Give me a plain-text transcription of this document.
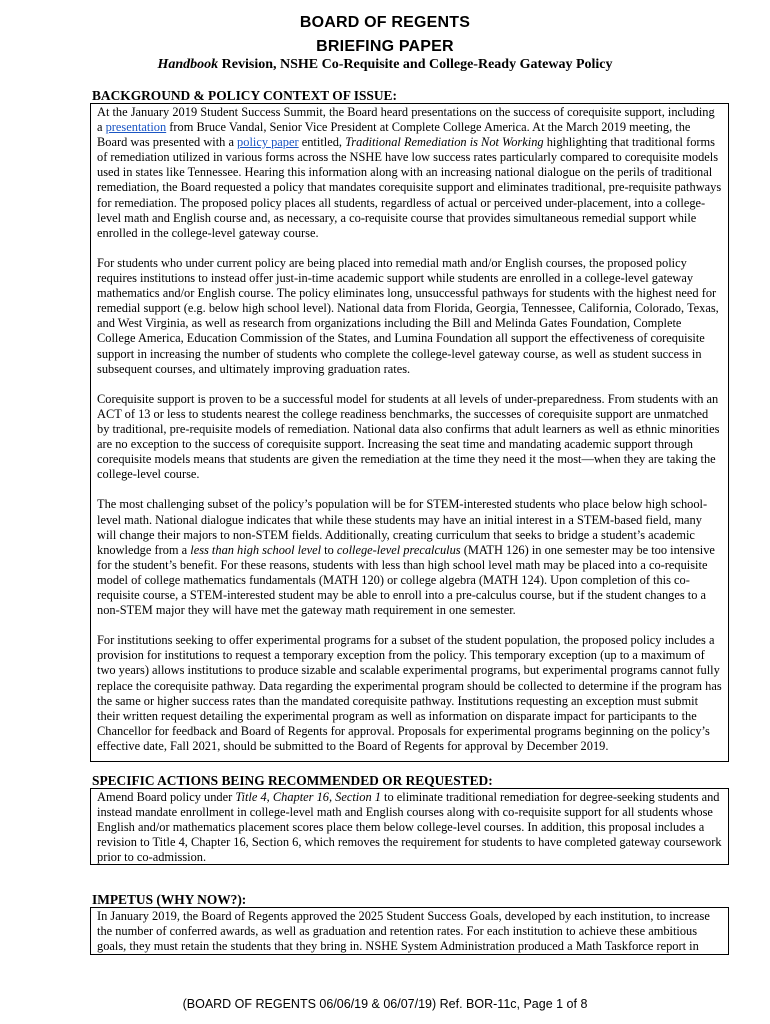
BOARD OF REGENTS
BRIEFING PAPER
Handbook Revision, NSHE Co-Requisite and College-Ready Gateway Policy
BACKGROUND & POLICY CONTEXT OF ISSUE:

At the January 2019 Student Success Summit, the Board heard presentations on the success of corequisite support, including a presentation from Bruce Vandal, Senior Vice President at Complete College America. At the March 2019 meeting, the Board was presented with a policy paper entitled, Traditional Remediation is Not Working highlighting that traditional forms of remediation utilized in various forms across the NSHE have low success rates particularly compared to corequisite models used in states like Tennessee. Hearing this information along with an increasing national dialogue on the perils of traditional remediation, the Board requested a policy that mandates corequisite support and eliminates traditional, pre-requisite pathways for remediation. The proposed policy places all students, regardless of actual or perceived under-placement, into a college-level math and English course and, as necessary, a co-requisite course that provides simultaneous remedial support while enrolled in the college-level gateway course.

For students who under current policy are being placed into remedial math and/or English courses, the proposed policy requires institutions to instead offer just-in-time academic support while students are enrolled in a college-level gateway mathematics and/or English course. The policy eliminates long, unsuccessful pathways for students with the highest need for remedial support (e.g. below high school level). National data from Florida, Georgia, Tennessee, California, Colorado, Texas, and West Virginia, as well as research from organizations including the Bill and Melinda Gates Foundation, Complete College America, Education Commission of the States, and Lumina Foundation all support the effectiveness of corequisite support in increasing the number of students who complete the college-level gateway course, as well as student success in subsequent courses, and ultimately improving graduation rates.

Corequisite support is proven to be a successful model for students at all levels of under-preparedness. From students with an ACT of 13 or less to students nearest the college readiness benchmarks, the successes of corequisite support are unmatched by traditional, pre-requisite models of remediation. National data also confirms that adult learners as well as ethnic minorities are no exception to the success of corequisite support. Increasing the seat time and mandating academic support through corequisite models means that students are given the remediation at the time they need it the most—when they are taking the college-level course.

The most challenging subset of the policy’s population will be for STEM-interested students who place below high school-level math. National dialogue indicates that while these students may have an initial interest in a STEM-based field, many will change their majors to non-STEM fields. Additionally, creating curriculum that seeks to bridge a student’s academic knowledge from a less than high school level to college-level precalculus (MATH 126) in one semester may be too intensive for the student’s benefit. For these reasons, students with less than high school level math may be placed into a co-requisite model of college mathematics fundamentals (MATH 120) or college algebra (MATH 124). Upon completion of this co-requisite course, a STEM-interested student may be able to enroll into a pre-calculus course, but if the student changes to a non-STEM major they will have met the gateway math requirement in one semester.

For institutions seeking to offer experimental programs for a subset of the student population, the proposed policy includes a provision for institutions to request a temporary exception from the policy. This temporary exception (up to a maximum of two years) allows institutions to produce sizable and scalable experimental programs, but experimental programs cannot fully replace the corequisite pathway. Data regarding the experimental program should be collected to determine if the program has the same or higher success rates than the mandated corequisite pathway. Institutions requesting an exception must submit their written request detailing the experimental program as well as information on disparate impact for participants to the Chancellor for feedback and Board of Regents for approval. Proposals for experimental programs beginning on the policy’s effective date, Fall 2021, should be submitted to the Board of Regents for approval by December 2019.

SPECIFIC ACTIONS BEING RECOMMENDED OR REQUESTED:

Amend Board policy under Title 4, Chapter 16, Section 1 to eliminate traditional remediation for degree-seeking students and instead mandate enrollment in college-level math and English courses along with co-requisite support for all students whose English and/or mathematics placement scores place them below college-level courses. In addition, this proposal includes a revision to Title 4, Chapter 16, Section 6, which removes the requirement for students to have completed gateway coursework prior to co-admission.

IMPETUS (WHY NOW?):

In January 2019, the Board of Regents approved the 2025 Student Success Goals, developed by each institution, to increase the number of conferred awards, as well as graduation and retention rates. For each institution to achieve these ambitious goals, they must retain the students that they bring in. NSHE System Administration produced a Math Taskforce report in

(BOARD OF REGENTS 06/06/19 & 06/07/19) Ref. BOR-11c, Page 1 of 8
